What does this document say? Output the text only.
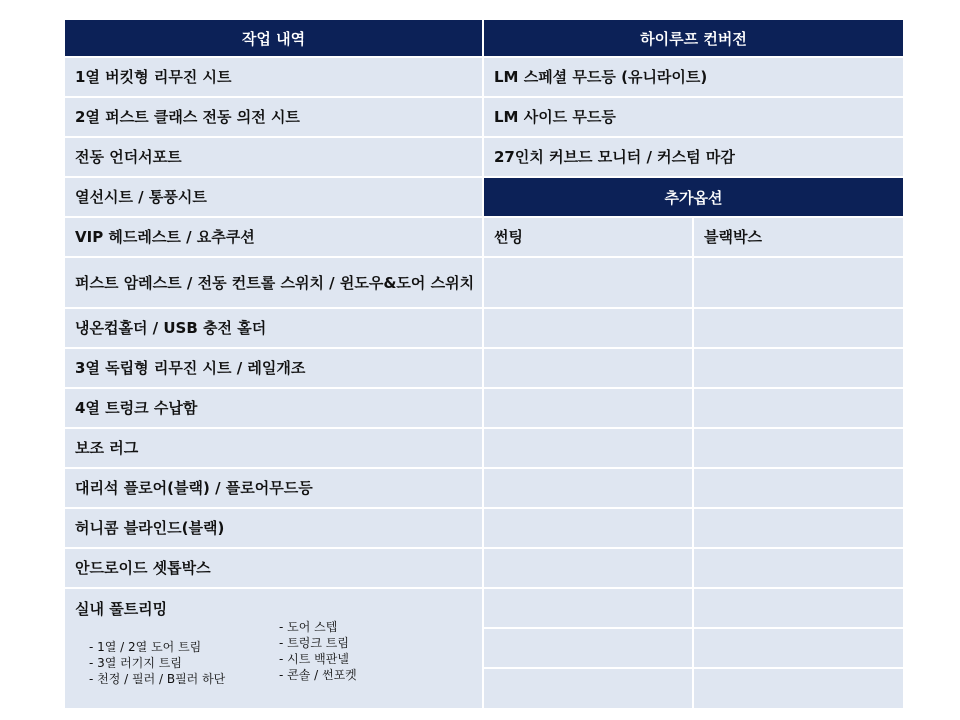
작업 내역	하이루프 컨버전
1열 버킷형 리무진 시트
2열 퍼스트 클래스 전동 의전 시트
전동 언더서포트
열선시트 / 통풍시트
VIP 헤드레스트 / 요추쿠션
퍼스트 암레스트 / 전동 컨트롤 스위치 / 윈도우&도어 스위치
냉온컵홀더 / USB 충전 홀더
3열 독립형 리무진 시트 / 레일개조
4열 트렁크 수납함
보조 러그
대리석 플로어(블랙) / 플로어무드등
허니콤 블라인드(블랙)
안드로이드 셋톱박스
실내 풀트리밍
- 1열 / 2열 도어 트림
- 3열 러기지 트림
- 천정 / 필러 / B필러 하단
- 도어 스텝
- 트렁크 트림
- 시트 백판넬
- 콘솔 / 썬포켓
LM 스페셜 무드등 (유니라이트)
LM 사이드 무드등
27인치 커브드 모니터 / 커스텀 마감
추가옵션
썬팅	블랙박스
